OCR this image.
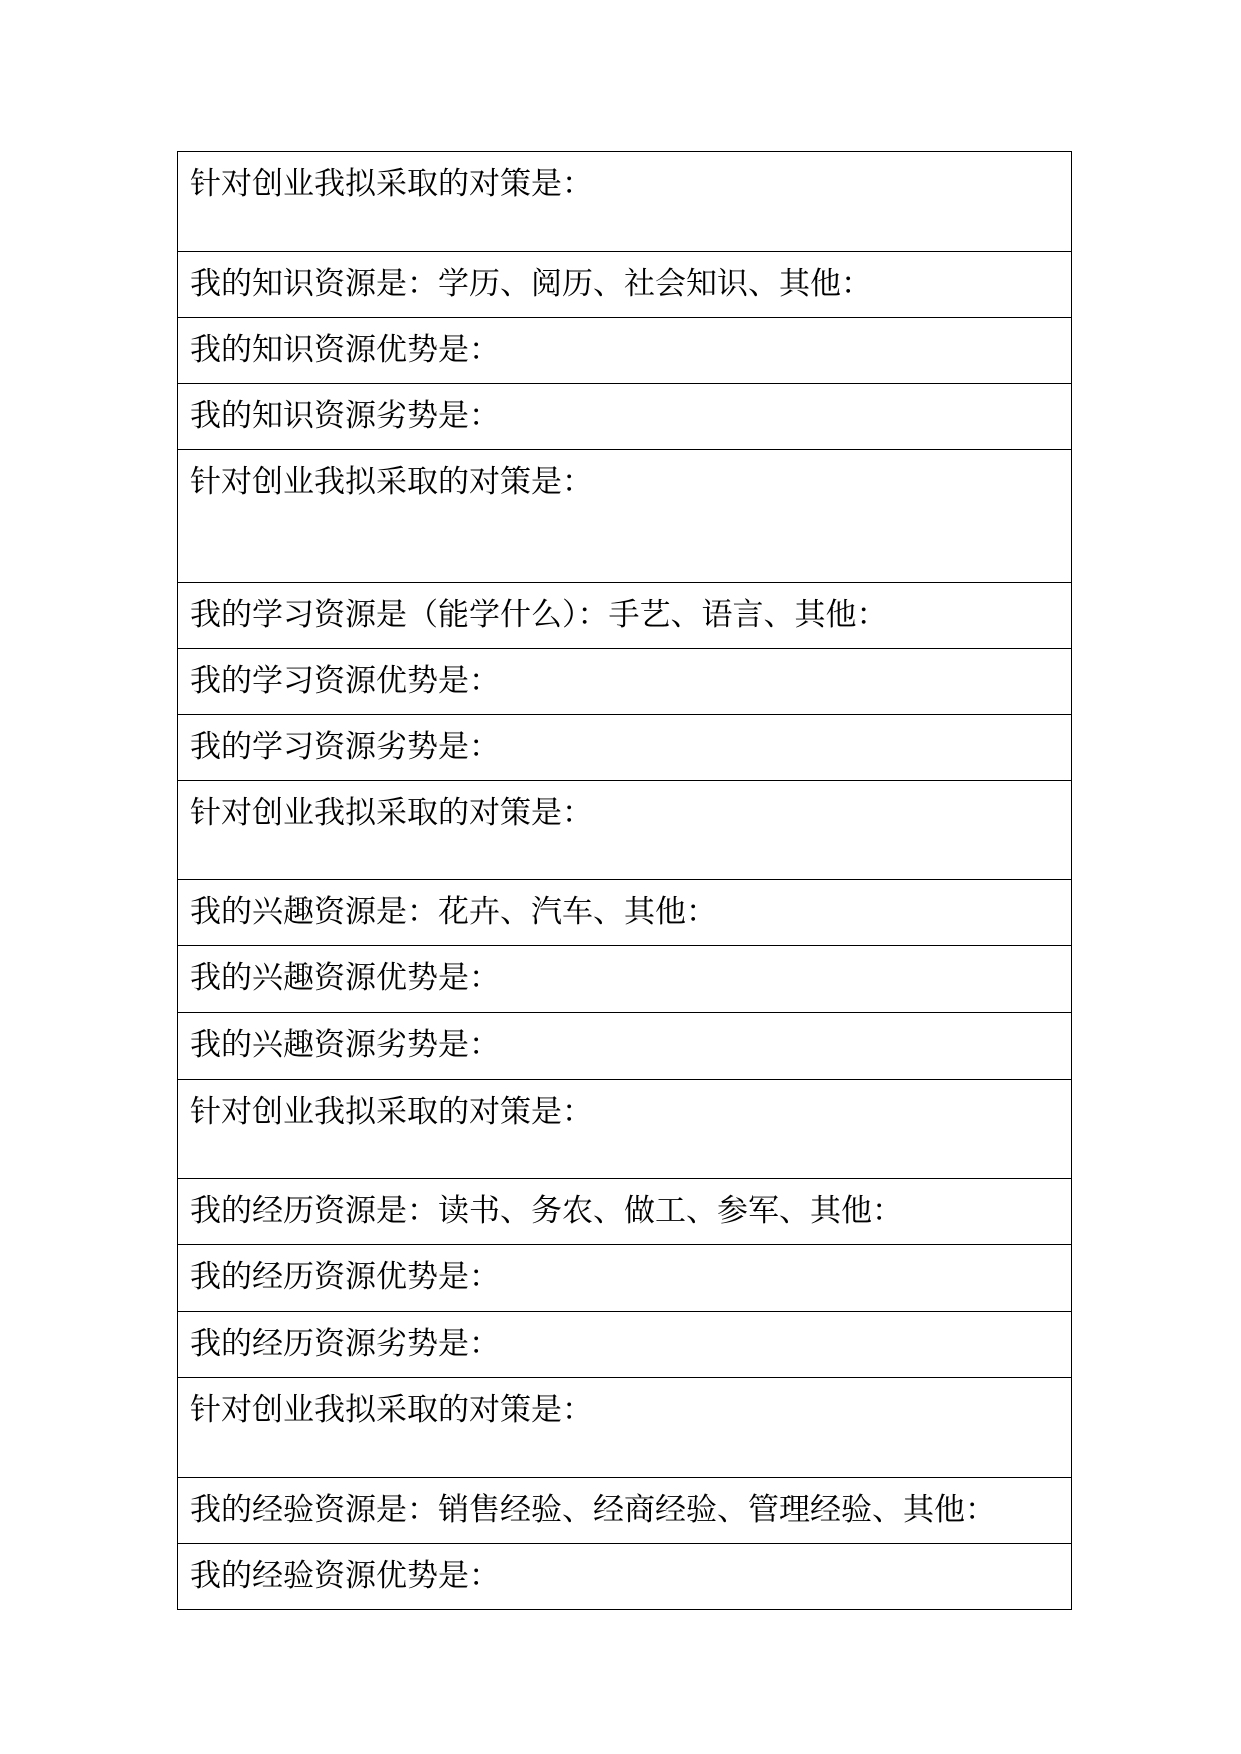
针对创业我拟采取的对策是：

我的知识资源是：学历、阅历、社会知识、其他：

我的知识资源优势是：

我的知识资源劣势是：

针对创业我拟采取的对策是：

我的学习资源是（能学什么）：手艺、语言、其他：

我的学习资源优势是：

我的学习资源劣势是：

针对创业我拟采取的对策是：

我的兴趣资源是：花卉、汽车、其他：

我的兴趣资源优势是：

我的兴趣资源劣势是：

针对创业我拟采取的对策是：

我的经历资源是：读书、务农、做工、参军、其他：

我的经历资源优势是：

我的经历资源劣势是：

针对创业我拟采取的对策是：

我的经验资源是：销售经验、经商经验、管理经验、其他：

我的经验资源优势是：
